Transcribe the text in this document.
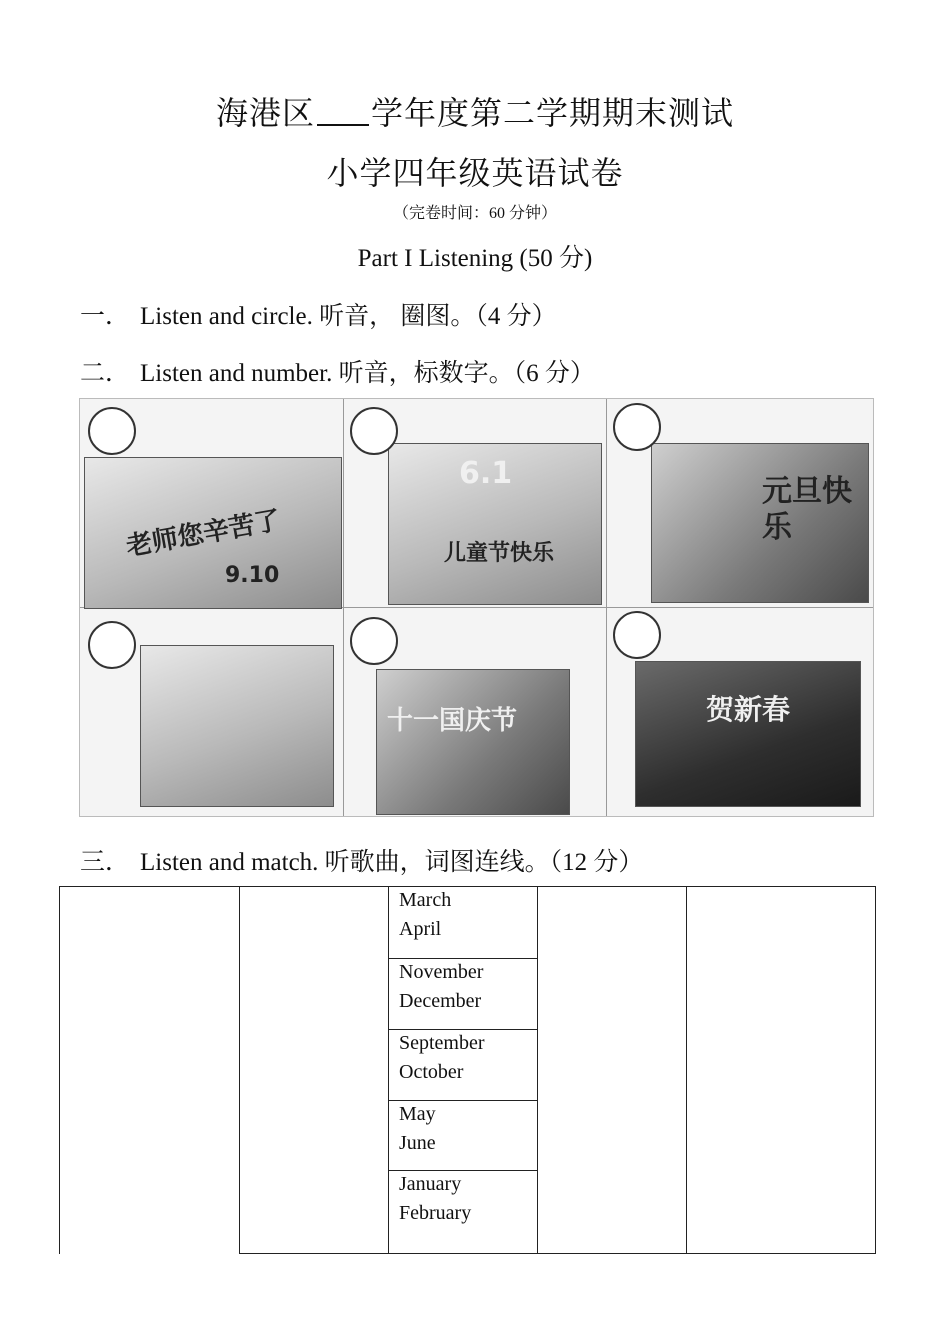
海港区 学年度第二学期期末测试
小学四年级英语试卷
（完卷时间：60 分钟）
Part I Listening (50 分)
一． Listen and circle. 听音， 圈图。（4 分）
二． Listen and number. 听音，标数字。（6 分）
老师您辛苦了
9.10
6.1
儿童节快乐
元旦快乐
十一国庆节	贺新春
三． Listen and match. 听歌曲，词图连线。（12 分）
March
April
November
December
September
October
May
June
January
February
